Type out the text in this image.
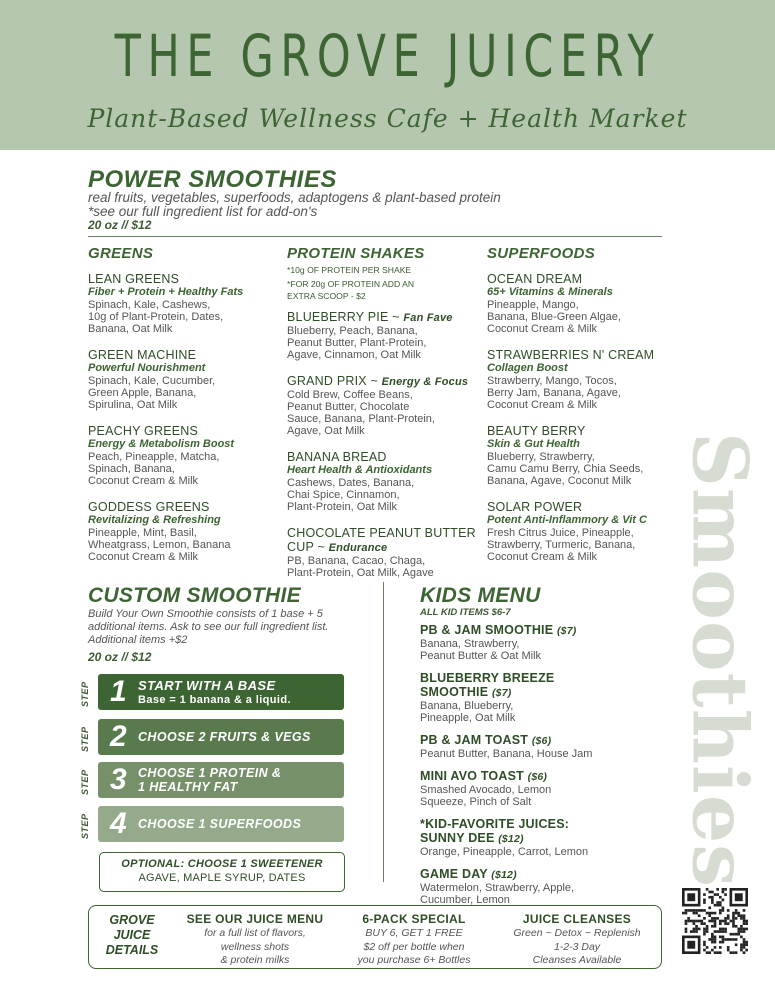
THE GROVE JUICERY
Plant-Based Wellness Cafe + Health Market
POWER SMOOTHIES
real fruits, vegetables, superfoods, adaptogens & plant-based protein
*see our full ingredient list for add-on's
20 oz // $12
GREENS
LEAN GREENS
Fiber + Protein + Healthy Fats
Spinach, Kale, Cashews,
10g of Plant-Protein, Dates,
Banana, Oat Milk
GREEN MACHINE
Powerful Nourishment
Spinach, Kale, Cucumber,
Green Apple, Banana,
Spirulina, Oat Milk
PEACHY GREENS
Energy & Metabolism Boost
Peach, Pineapple, Matcha,
Spinach, Banana,
Coconut Cream & Milk
GODDESS GREENS
Revitalizing & Refreshing
Pineapple, Mint, Basil,
Wheatgrass, Lemon, Banana
Coconut Cream & Milk
PROTEIN SHAKES
*10g OF PROTEIN PER SHAKE
*FOR 20g OF PROTEIN ADD AN EXTRA SCOOP - $2
BLUEBERRY PIE ~ Fan Fave
Blueberry, Peach, Banana,
Peanut Butter, Plant-Protein,
Agave, Cinnamon, Oat Milk
GRAND PRIX ~ Energy & Focus
Cold Brew, Coffee Beans,
Peanut Butter, Chocolate
Sauce, Banana, Plant-Protein,
Agave, Oat Milk
BANANA BREAD
Heart Health & Antioxidants
Cashews, Dates, Banana,
Chai Spice, Cinnamon,
Plant-Protein, Oat Milk
CHOCOLATE PEANUT BUTTER CUP ~ Endurance
PB, Banana, Cacao, Chaga,
Plant-Protein, Oat Milk, Agave
SUPERFOODS
OCEAN DREAM
65+ Vitamins & Minerals
Pineapple, Mango,
Banana, Blue-Green Algae,
Coconut Cream & Milk
STRAWBERRIES N' CREAM
Collagen Boost
Strawberry, Mango, Tocos,
Berry Jam, Banana, Agave,
Coconut Cream & Milk
BEAUTY BERRY
Skin & Gut Health
Blueberry, Strawberry,
Camu Camu Berry, Chia Seeds,
Banana, Agave, Coconut Milk
SOLAR POWER
Potent Anti-Inflammory & Vit C
Fresh Citrus Juice, Pineapple,
Strawberry, Turmeric, Banana,
Coconut Cream & Milk
CUSTOM SMOOTHIE
Build Your Own Smoothie consists of 1 base + 5 additional items. Ask to see our full ingredient list. Additional items +$2
20 oz // $12
STEP 1 START WITH A BASE
Base = 1 banana & a liquid.
STEP 2 CHOOSE 2 FRUITS & VEGS
STEP 3 CHOOSE 1 PROTEIN &
1 HEALTHY FAT
STEP 4 CHOOSE 1 SUPERFOODS
OPTIONAL: CHOOSE 1 SWEETENER
AGAVE, MAPLE SYRUP, DATES
KIDS MENU
ALL KID ITEMS $6-7
PB & JAM SMOOTHIE ($7)
Banana, Strawberry,
Peanut Butter & Oat Milk
BLUEBERRY BREEZE SMOOTHIE ($7)
Banana, Blueberry,
Pineapple, Oat Milk
PB & JAM TOAST ($6)
Peanut Butter, Banana, House Jam
MINI AVO TOAST ($6)
Smashed Avocado, Lemon
Squeeze, Pinch of Salt
*KID-FAVORITE JUICES: SUNNY DEE ($12)
Orange, Pineapple, Carrot, Lemon
GAME DAY ($12)
Watermelon, Strawberry, Apple,
Cucumber, Lemon
Smoothies
GROVE
JUICE
DETAILS
SEE OUR JUICE MENU
for a full list of flavors,
wellness shots
& protein milks
6-PACK SPECIAL
BUY 6, GET 1 FREE
$2 off per bottle when
you purchase 6+ Bottles
JUICE CLEANSES
Green ~ Detox ~ Replenish
1-2-3 Day
Cleanses Available
